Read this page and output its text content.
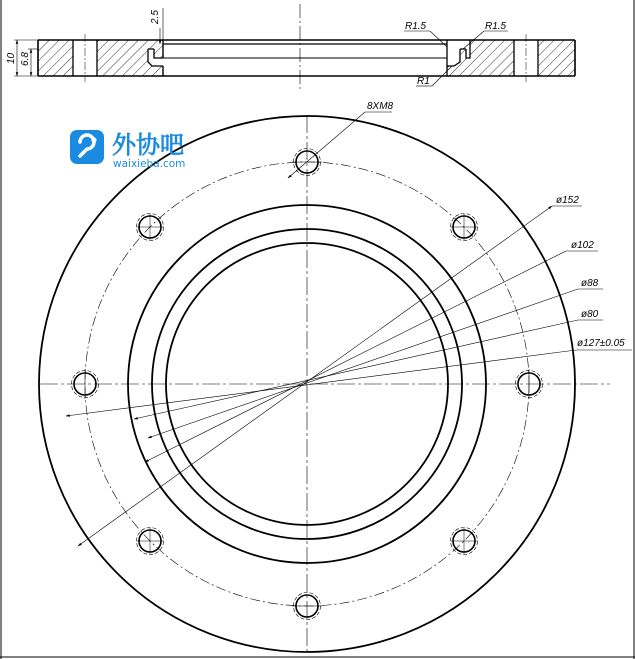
2.5
10 6.8
R1.5	R1.5
R1
8XM8
ø152
ø102
ø88
ø80
ø127±0.05
外协吧
waixieba.com
